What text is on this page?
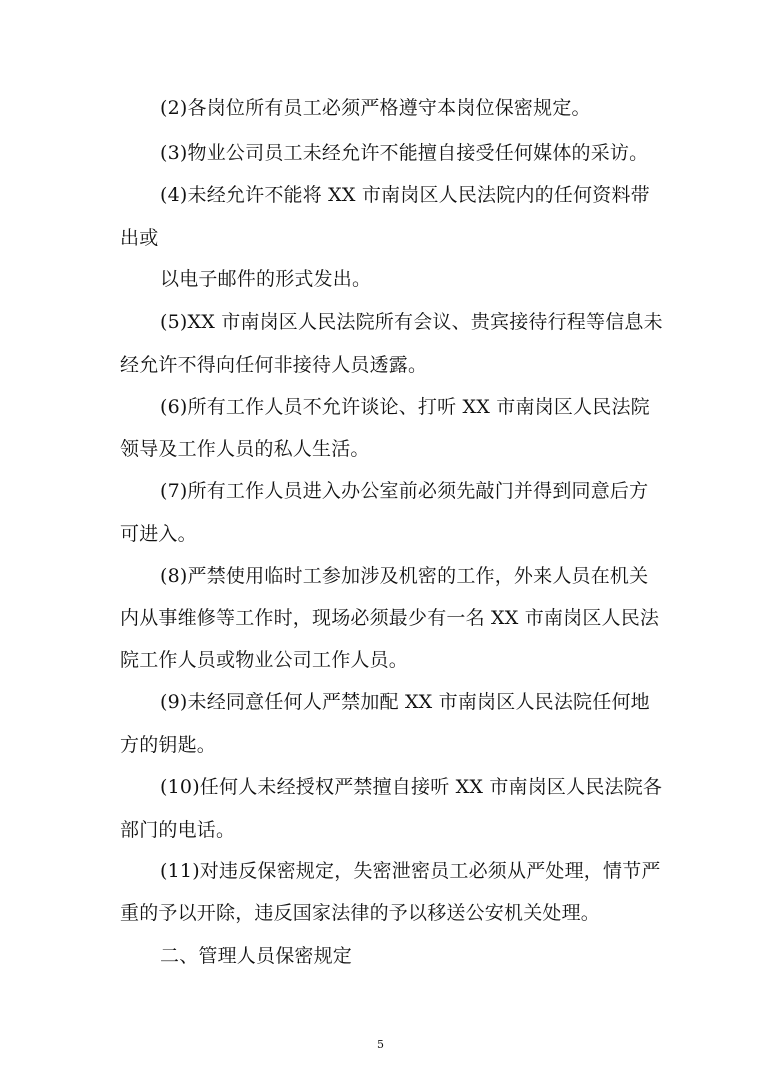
(2)各岗位所有员工必须严格遵守本岗位保密规定。
(3)物业公司员工未经允许不能擅自接受任何媒体的采访。
(4)未经允许不能将 XX 市南岗区人民法院内的任何资料带
出或
以电子邮件的形式发出。
(5)XX 市南岗区人民法院所有会议、贵宾接待行程等信息未
经允许不得向任何非接待人员透露。
(6)所有工作人员不允许谈论、打听 XX 市南岗区人民法院
领导及工作人员的私人生活。
(7)所有工作人员进入办公室前必须先敲门并得到同意后方
可进入。
(8)严禁使用临时工参加涉及机密的工作，外来人员在机关
内从事维修等工作时，现场必须最少有一名 XX 市南岗区人民法
院工作人员或物业公司工作人员。
(9)未经同意任何人严禁加配 XX 市南岗区人民法院任何地
方的钥匙。
(10)任何人未经授权严禁擅自接听 XX 市南岗区人民法院各
部门的电话。
(11)对违反保密规定，失密泄密员工必须从严处理，情节严
重的予以开除，违反国家法律的予以移送公安机关处理。
二、管理人员保密规定
5
